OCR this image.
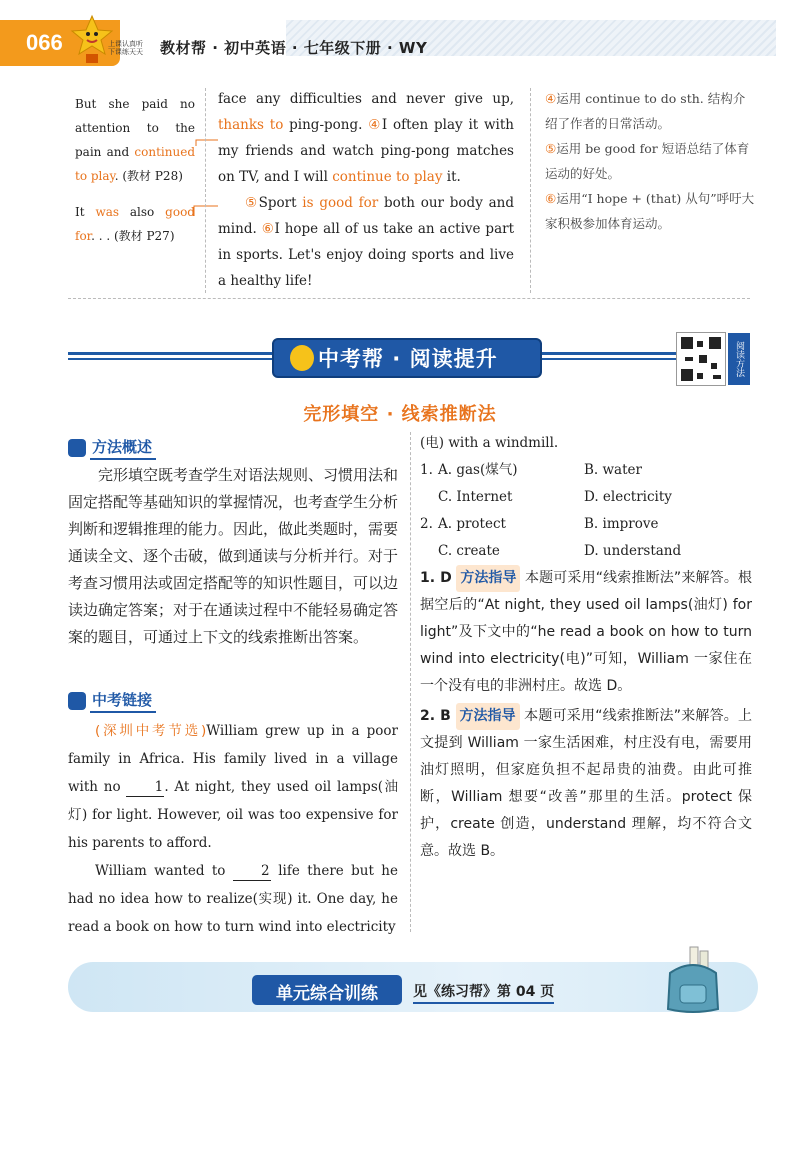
066	上课认真听 下课练天天	教材帮 · 初中英语 · 七年级下册 · WY

But she paid no attention to the pain and continued to play. (教材 P28)

It was also good for. . . (教材 P27)

face any difficulties and never give up, thanks to ping-pong. ④I often play it with my friends and watch ping-pong matches on TV, and I will continue to play it.

⑤Sport is good for both our body and mind. ⑥I hope all of us take an active part in sports. Let's enjoy doing sports and live a healthy life!

④运用 continue to do sth. 结构介绍了作者的日常活动。

⑤运用 be good for 短语总结了体育运动的好处。

⑥运用“I hope + (that) 从句”呼吁大家积极参加体育运动。

中考帮 · 阅读提升	阅读方法
完形填空 · 线索推断法
方法概述
完形填空既考查学生对语法规则、习惯用法和固定搭配等基础知识的掌握情况，也考查学生分析判断和逻辑推理的能力。因此，做此类题时，需要通读全文、逐个击破，做到通读与分析并行。对于考查习惯用法或固定搭配等的知识性题目，可以边读边确定答案；对于在通读过程中不能轻易确定答案的题目，可通过上下文的线索推断出答案。
中考链接

(深圳中考节选)William grew up in a poor family in Africa. His family lived in a village with no 1. At night, they used oil lamps(油灯) for light. However, oil was too expensive for his parents to afford.

William wanted to 2 life there but he had no idea how to realize(实现) it. One day, he read a book on how to turn wind into electricity

(电) with a windmill.

1. A. gas(煤气)	B. water
C. Internet	D. electricity
2. A. protect	B. improve
C. create	D. understand

1. D 方法指导 本题可采用“线索推断法”来解答。根据空后的“At night, they used oil lamps(油灯) for light”及下文中的“he read a book on how to turn wind into electricity(电)”可知，William 一家住在一个没有电的非洲村庄。故选 D。

2. B 方法指导 本题可采用“线索推断法”来解答。上文提到 William 一家生活困难，村庄没有电，需要用油灯照明，但家庭负担不起昂贵的油费。由此可推断，William 想要“改善”那里的生活。protect 保护，create 创造，understand 理解，均不符合文意。故选 B。

单元综合训练	见《练习帮》第 04 页
